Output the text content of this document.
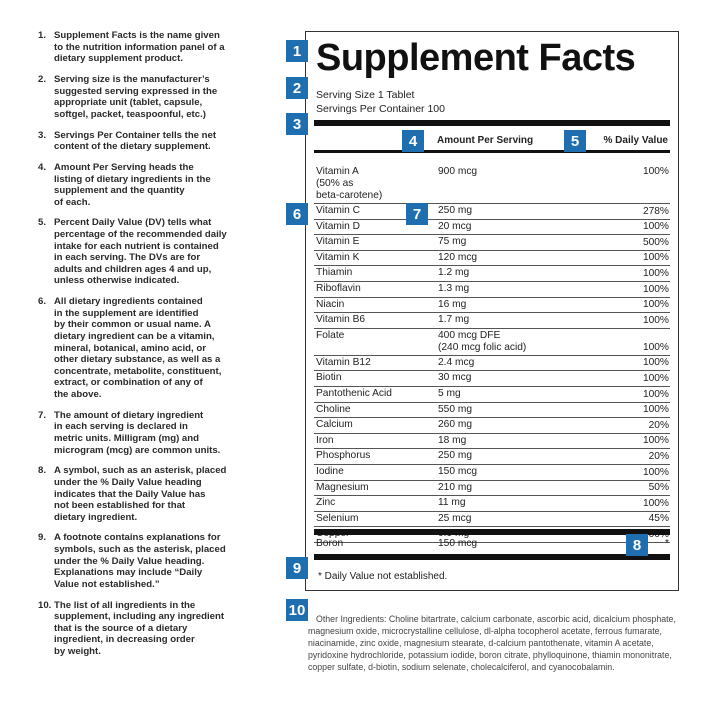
1. Supplement Facts is the name given
to the nutrition information panel of a
dietary supplement product.
2. Serving size is the manufacturer’s
suggested serving expressed in the
appropriate unit (tablet, capsule,
softgel, packet, teaspoonful, etc.)
3. Servings Per Container tells the net
content of the dietary supplement.
4. Amount Per Serving heads the
listing of dietary ingredients in the
supplement and the quantity
of each.
5. Percent Daily Value (DV) tells what
percentage of the recommended daily
intake for each nutrient is contained
in each serving. The DVs are for
adults and children ages 4 and up,
unless otherwise indicated.
6. All dietary ingredients contained
in the supplement are identified
by their common or usual name. A
dietary ingredient can be a vitamin,
mineral, botanical, amino acid, or
other dietary substance, as well as a
concentrate, metabolite, constituent,
extract, or combination of any of
the above.
7. The amount of dietary ingredient
in each serving is declared in
metric units. Milligram (mg) and
microgram (mcg) are common units.
8. A symbol, such as an asterisk, placed
under the % Daily Value heading
indicates that the Daily Value has
not been established for that
dietary ingredient.
9. A footnote contains explanations for
symbols, such as the asterisk, placed
under the % Daily Value heading.
Explanations may include “Daily
Value not established.”
10. The list of all ingredients in the
supplement, including any ingredient
that is the source of a dietary
ingredient, in decreasing order
by weight.
Supplement Facts
Serving Size 1 Tablet
Servings Per Container 100
Amount Per Serving	% Daily Value
Vitamin A
(50% as
beta-carotene)
900 mcg	100%
Vitamin C	250 mg	278%
Vitamin D	20 mcg	100%
Vitamin E	75 mg	500%
Vitamin K	120 mcg	100%
Thiamin	1.2 mg	100%
Riboflavin	1.3 mg	100%
Niacin	16 mg	100%
Vitamin B6	1.7 mg	100%
Folate	400 mcg DFE
(240 mcg folic acid)	100%
Vitamin B12	2.4 mcg	100%
Biotin	30 mcg	100%
Pantothenic Acid	5 mg	100%
Choline	550 mg	100%
Calcium	260 mg	20%
Iron	18 mg	100%
Phosphorus	250 mg	20%
Iodine	150 mcg	100%
Magnesium	210 mg	50%
Zinc	11 mg	100%
Selenium	25 mcg	45%
Boron	150 mcg	*
* Daily Value not established.
1
2
3
4	5
6	7
8
9
10
Other Ingredients: Choline bitartrate, calcium carbonate, ascorbic acid, dicalcium phosphate, magnesium oxide, microcrystalline cellulose, dl-alpha tocopherol acetate, ferrous fumarate, niacinamide, zinc oxide, magnesium stearate, d-calcium pantothenate, vitamin A acetate, pyridoxine hydrochloride, potassium iodide, boron citrate, phylloquinone, thiamin mononitrate, copper sulfate, d-biotin, sodium selenate, cholecalciferol, and cyanocobalamin.
